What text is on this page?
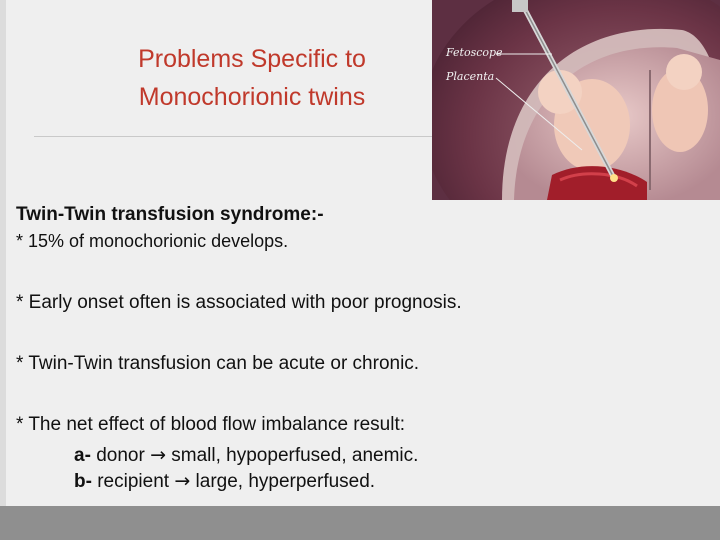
Problems Specific to
Monochorionic twins
Fetoscope
Placenta
Twin-Twin transfusion syndrome:-
* 15% of monochorionic develops.
* Early onset often is associated with poor prognosis.
* Twin-Twin transfusion can be acute or chronic.
* The net effect of blood flow imbalance result:
a- donor → small, hypoperfused, anemic.
b- recipient → large, hyperperfused.
